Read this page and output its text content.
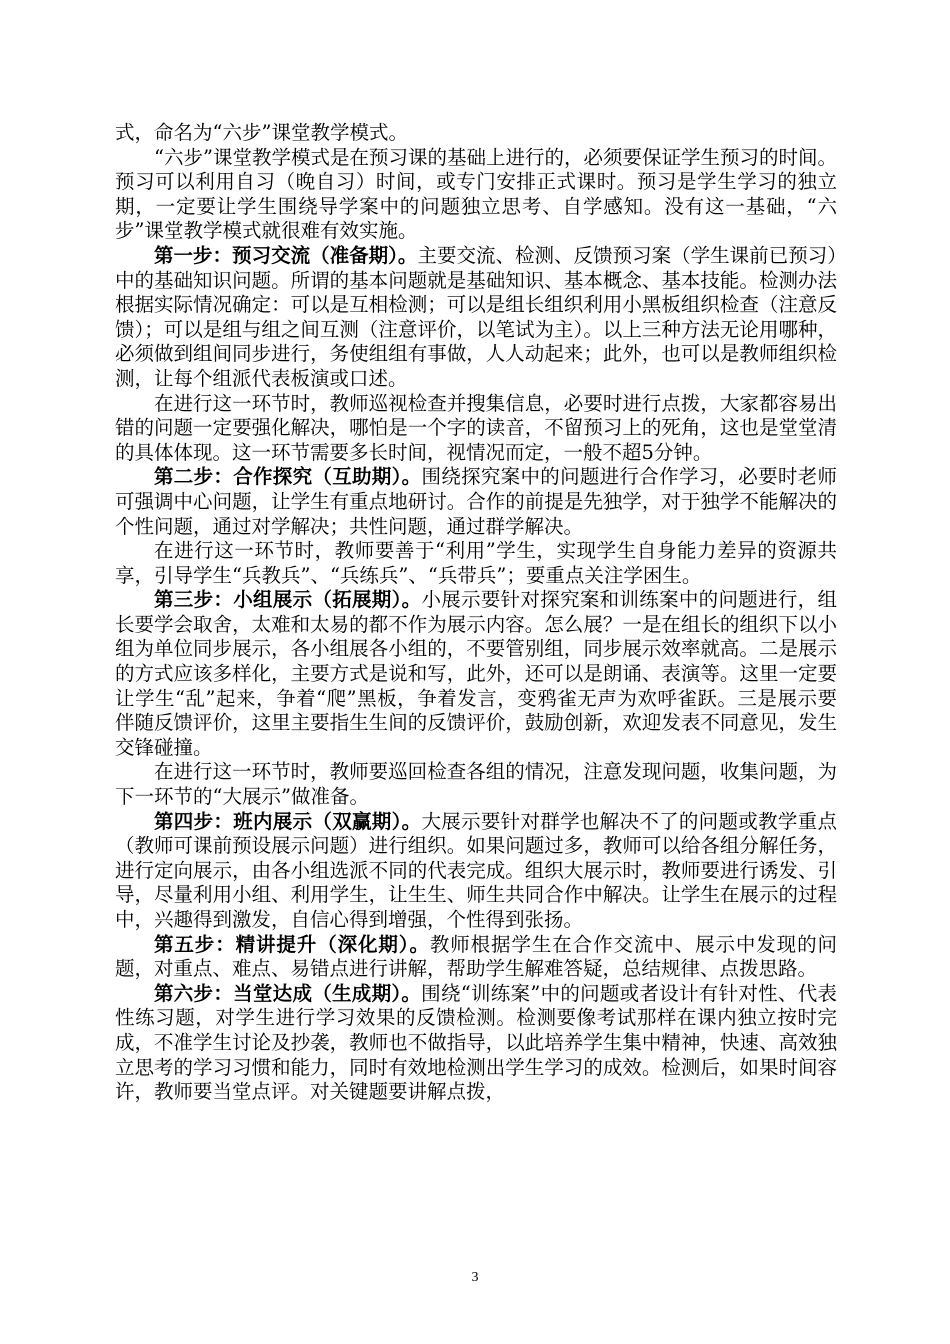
式，命名为“六步”课堂教学模式。

“六步”课堂教学模式是在预习课的基础上进行的，必须要保证学生预习的时间。预习可以利用自习（晚自习）时间，或专门安排正式课时。预习是学生学习的独立期，一定要让学生围绕导学案中的问题独立思考、自学感知。没有这一基础，“六步”课堂教学模式就很难有效实施。

第一步：预习交流（准备期）。主要交流、检测、反馈预习案（学生课前已预习）中的基础知识问题。所谓的基本问题就是基础知识、基本概念、基本技能。检测办法根据实际情况确定：可以是互相检测；可以是组长组织利用小黑板组织检查（注意反馈）；可以是组与组之间互测（注意评价，以笔试为主）。以上三种方法无论用哪种，必须做到组间同步进行，务使组组有事做，人人动起来；此外，也可以是教师组织检测，让每个组派代表板演或口述。

在进行这一环节时，教师巡视检查并搜集信息，必要时进行点拨，大家都容易出错的问题一定要强化解决，哪怕是一个字的读音，不留预习上的死角，这也是堂堂清的具体体现。这一环节需要多长时间，视情况而定，一般不超5分钟。

第二步：合作探究（互助期）。围绕探究案中的问题进行合作学习，必要时老师可强调中心问题，让学生有重点地研讨。合作的前提是先独学，对于独学不能解决的个性问题，通过对学解决；共性问题，通过群学解决。

在进行这一环节时，教师要善于“利用”学生，实现学生自身能力差异的资源共享，引导学生“兵教兵”、“兵练兵”、“兵带兵”；要重点关注学困生。

第三步：小组展示（拓展期）。小展示要针对探究案和训练案中的问题进行，组长要学会取舍，太难和太易的都不作为展示内容。怎么展？一是在组长的组织下以小组为单位同步展示，各小组展各小组的，不要管别组，同步展示效率就高。二是展示的方式应该多样化，主要方式是说和写，此外，还可以是朗诵、表演等。这里一定要让学生“乱”起来，争着“爬”黑板，争着发言，变鸦雀无声为欢呼雀跃。三是展示要伴随反馈评价，这里主要指生生间的反馈评价，鼓励创新，欢迎发表不同意见，发生交锋碰撞。

在进行这一环节时，教师要巡回检查各组的情况，注意发现问题，收集问题，为下一环节的“大展示”做准备。

第四步：班内展示（双赢期）。大展示要针对群学也解决不了的问题或教学重点（教师可课前预设展示问题）进行组织。如果问题过多，教师可以给各组分解任务，进行定向展示，由各小组选派不同的代表完成。组织大展示时，教师要进行诱发、引导，尽量利用小组、利用学生，让生生、师生共同合作中解决。让学生在展示的过程中，兴趣得到激发，自信心得到增强，个性得到张扬。

第五步：精讲提升（深化期）。教师根据学生在合作交流中、展示中发现的问题，对重点、难点、易错点进行讲解，帮助学生解难答疑，总结规律、点拨思路。

第六步：当堂达成（生成期）。围绕“训练案”中的问题或者设计有针对性、代表性练习题，对学生进行学习效果的反馈检测。检测要像考试那样在课内独立按时完成，不准学生讨论及抄袭，教师也不做指导，以此培养学生集中精神，快速、高效独立思考的学习习惯和能力，同时有效地检测出学生学习的成效。检测后，如果时间容许，教师要当堂点评。对关键题要讲解点拨，

3
